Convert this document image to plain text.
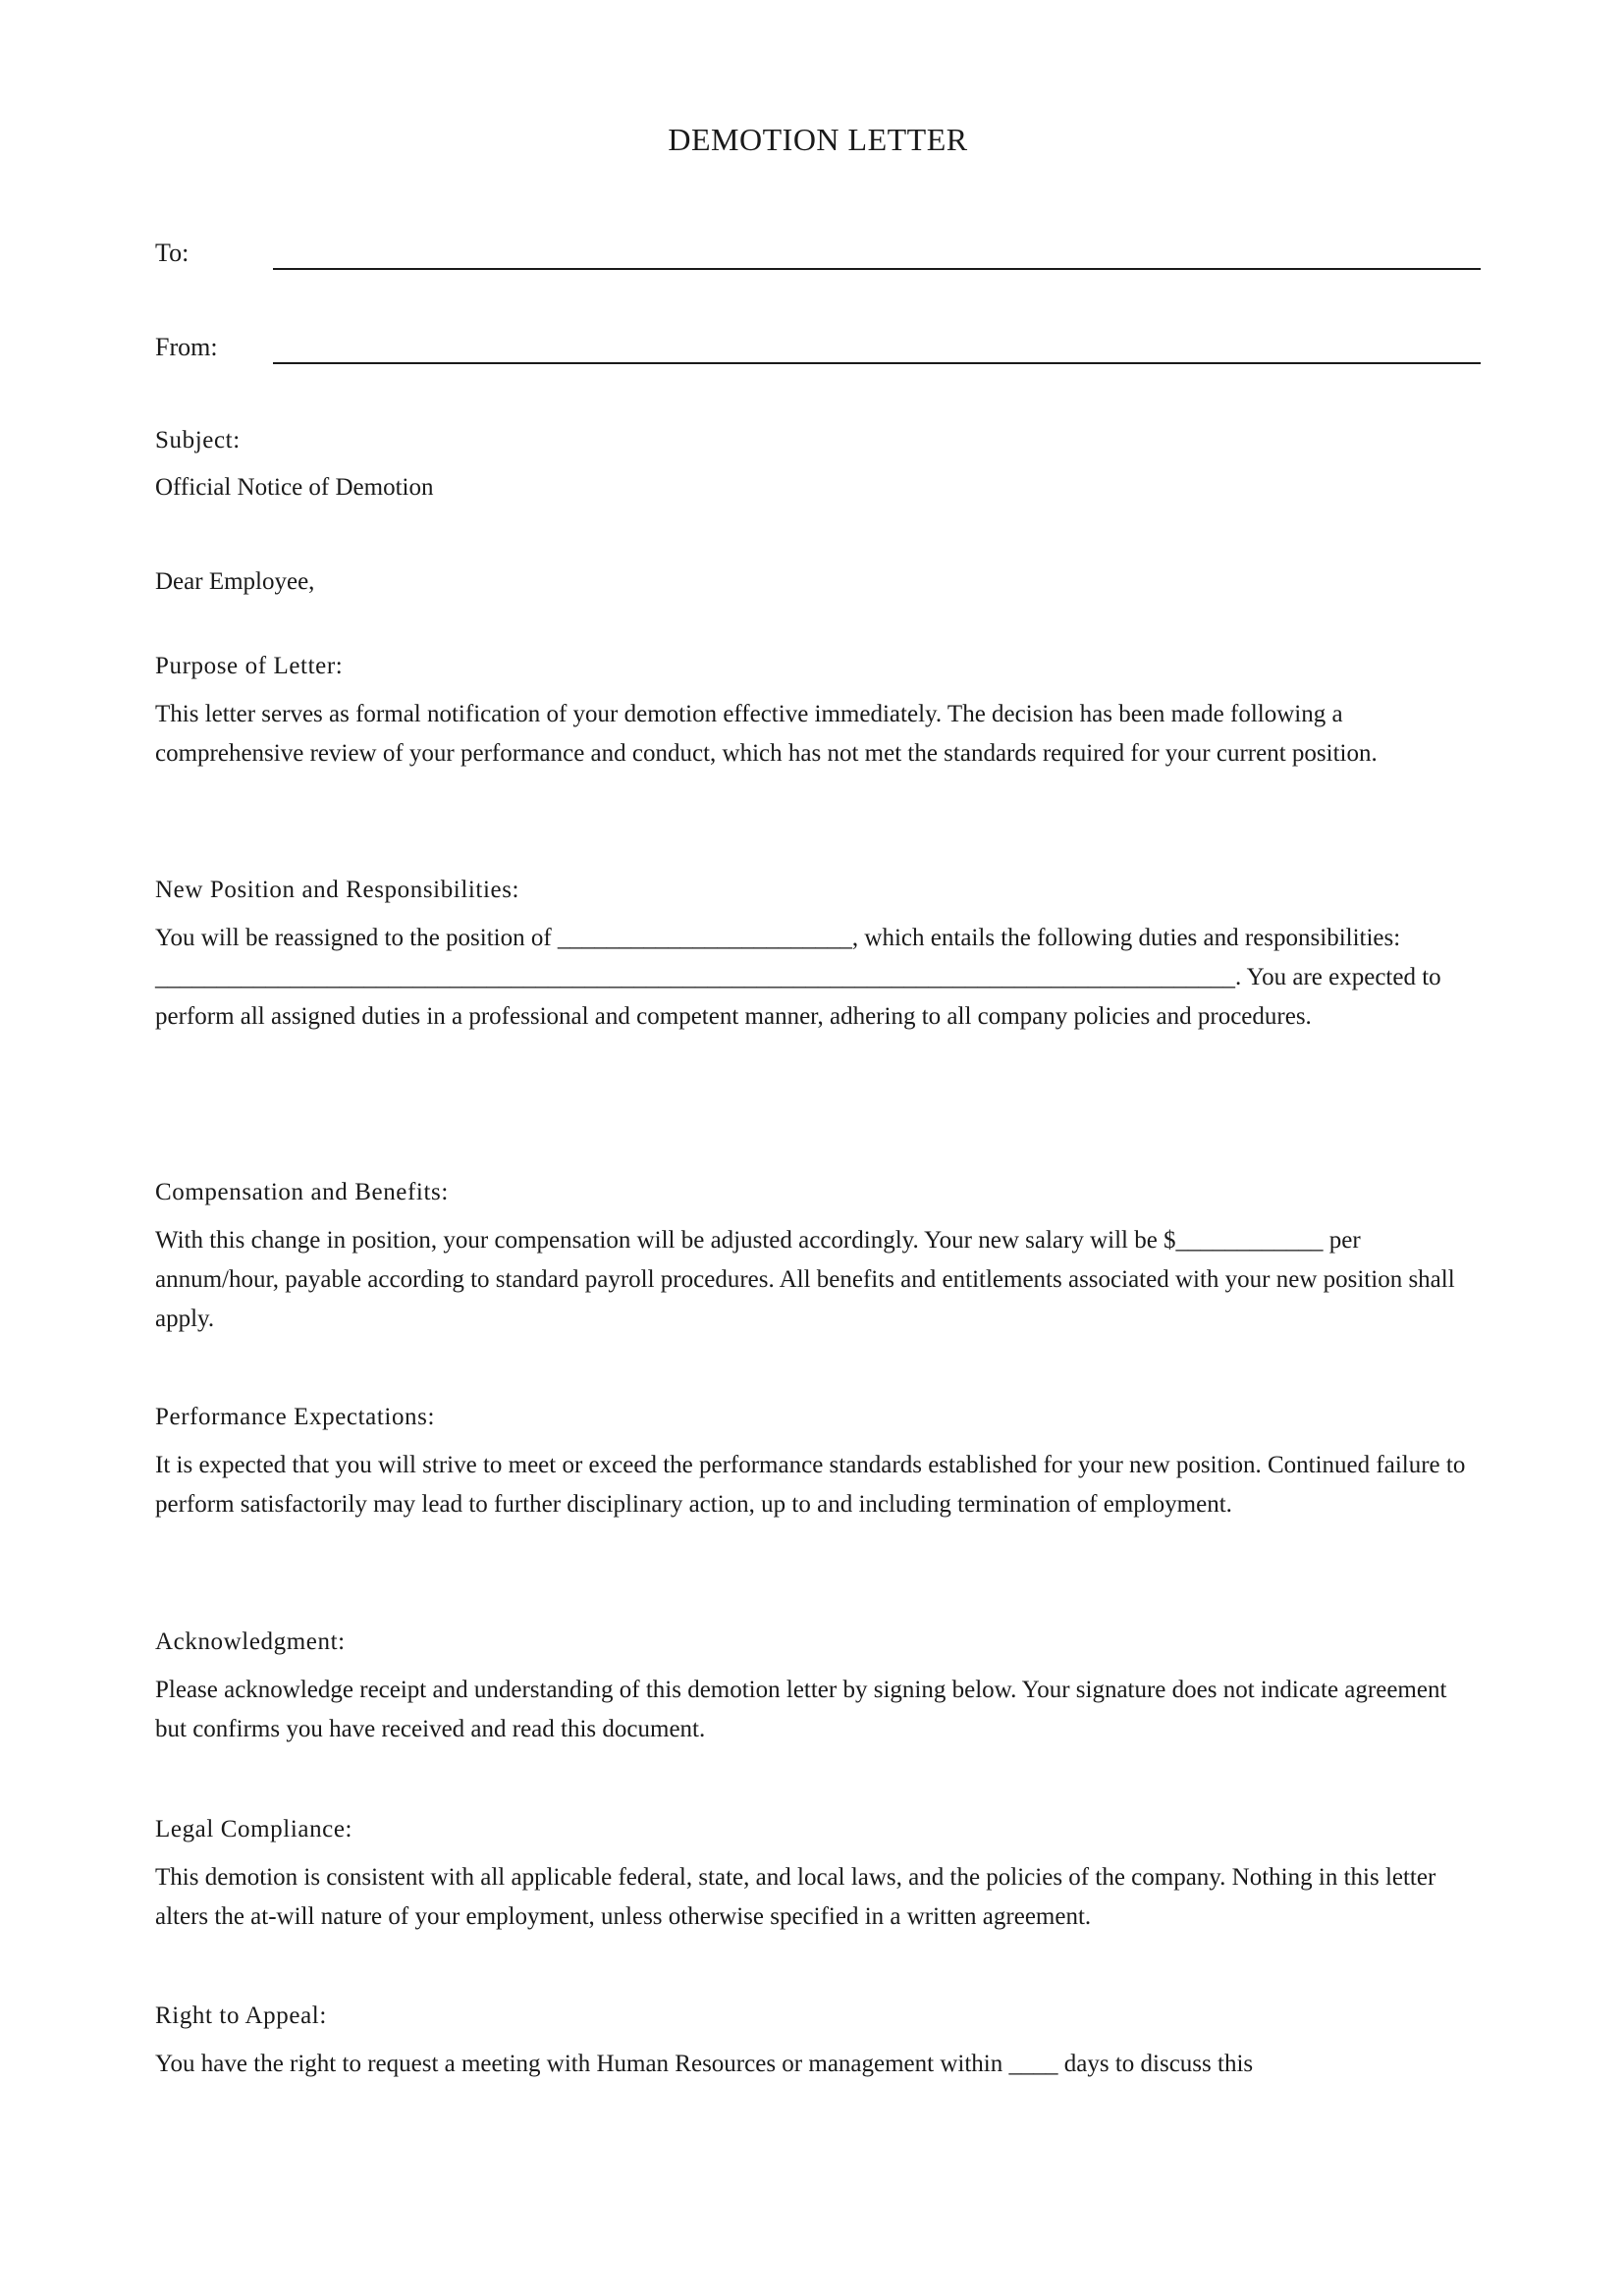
DEMOTION LETTER
To:
From:

Subject:

Official Notice of Demotion

Dear Employee,

Purpose of Letter:

This letter serves as formal notification of your demotion effective immediately. The decision has been made following a comprehensive review of your performance and conduct, which has not met the standards required for your current position.

New Position and Responsibilities:

You will be reassigned to the position of ________________________, which entails the following duties and responsibilities: ________________________________________________________________________________________. You are expected to perform all assigned duties in a professional and competent manner, adhering to all company policies and procedures.

Compensation and Benefits:

With this change in position, your compensation will be adjusted accordingly. Your new salary will be $____________ per annum/hour, payable according to standard payroll procedures. All benefits and entitlements associated with your new position shall apply.

Performance Expectations:

It is expected that you will strive to meet or exceed the performance standards established for your new position. Continued failure to perform satisfactorily may lead to further disciplinary action, up to and including termination of employment.

Acknowledgment:

Please acknowledge receipt and understanding of this demotion letter by signing below. Your signature does not indicate agreement but confirms you have received and read this document.

Legal Compliance:

This demotion is consistent with all applicable federal, state, and local laws, and the policies of the company. Nothing in this letter alters the at-will nature of your employment, unless otherwise specified in a written agreement.

Right to Appeal:

You have the right to request a meeting with Human Resources or management within ____ days to discuss this
